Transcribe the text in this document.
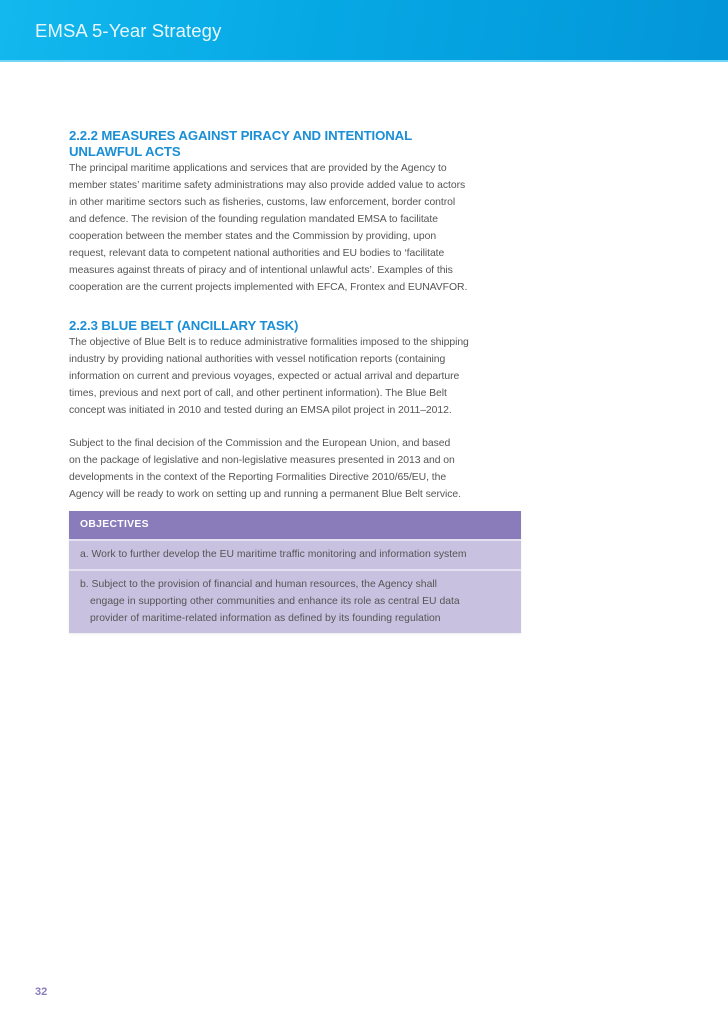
EMSA 5-Year Strategy
2.2.2 MEASURES AGAINST PIRACY AND INTENTIONAL
UNLAWFUL ACTS

The principal maritime applications and services that are provided by the Agency to
member states’ maritime safety administrations may also provide added value to actors
in other maritime sectors such as fisheries, customs, law enforcement, border control
and defence. The revision of the founding regulation mandated EMSA to facilitate
cooperation between the member states and the Commission by providing, upon
request, relevant data to competent national authorities and EU bodies to ‘facilitate
measures against threats of piracy and of intentional unlawful acts’. Examples of this
cooperation are the current projects implemented with EFCA, Frontex and EUNAVFOR.

2.2.3 BLUE BELT (ANCILLARY TASK)

The objective of Blue Belt is to reduce administrative formalities imposed to the shipping
industry by providing national authorities with vessel notification reports (containing
information on current and previous voyages, expected or actual arrival and departure
times, previous and next port of call, and other pertinent information). The Blue Belt
concept was initiated in 2010 and tested during an EMSA pilot project in 2011–2012.

Subject to the final decision of the Commission and the European Union, and based
on the package of legislative and non-legislative measures presented in 2013 and on
developments in the context of the Reporting Formalities Directive 2010/65/EU, the
Agency will be ready to work on setting up and running a permanent Blue Belt service.

OBJECTIVES
a. Work to further develop the EU maritime traffic monitoring and information system
b. Subject to the provision of financial and human resources, the Agency shall
engage in supporting other communities and enhance its role as central EU data
provider of maritime-related information as defined by its founding regulation
32
